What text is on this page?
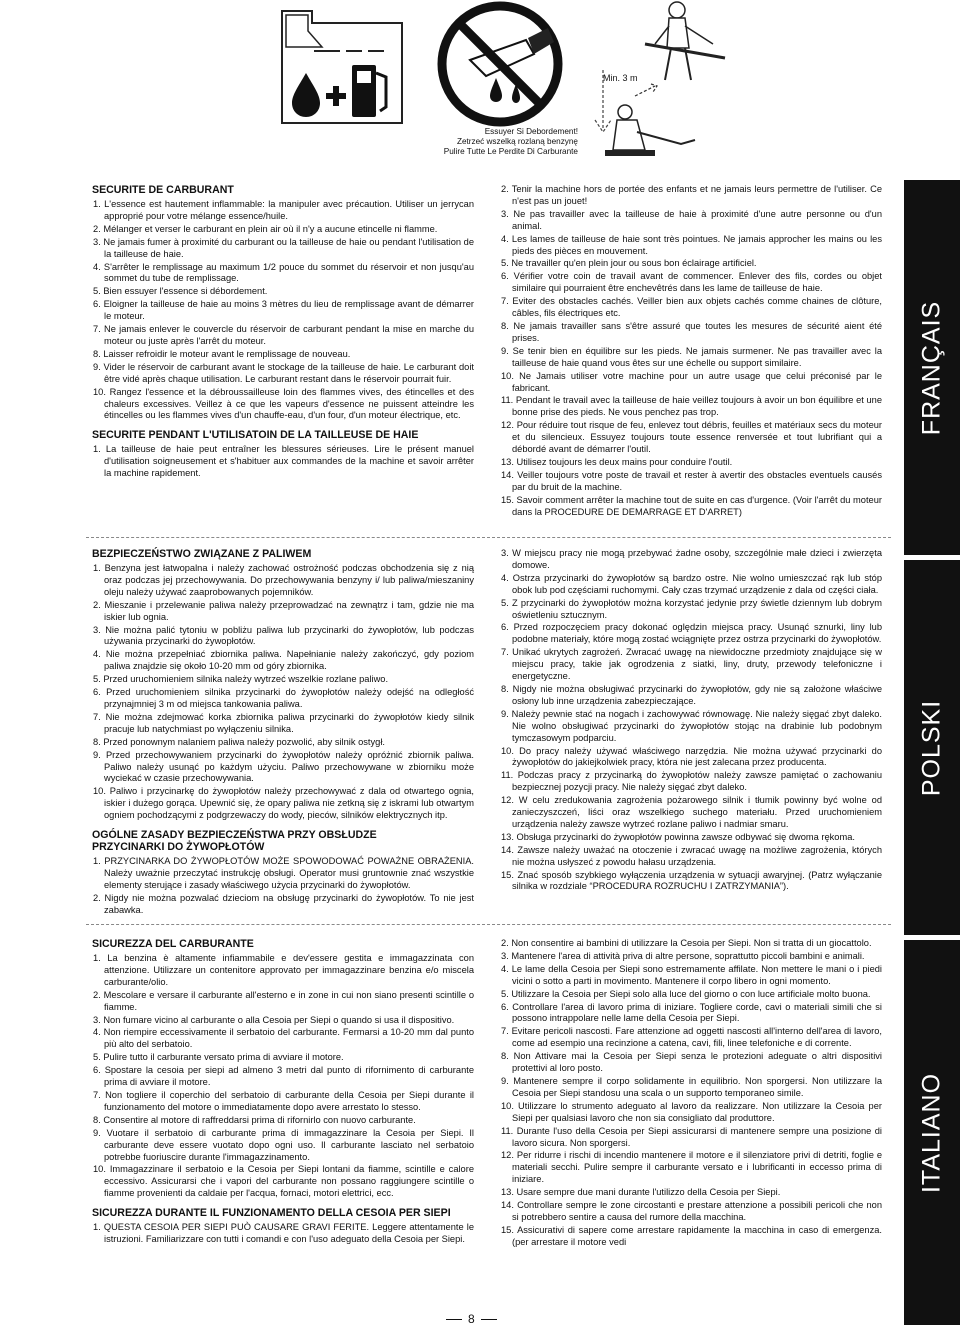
Min. 3 m
Essuyer Si Debordement!
Zetrzeć wszelką rozlaną benzynę
Pulire Tutte Le Perdite Di Carburante
FRANÇAIS
POLSKI
ITALIANO
SECURITE DE CARBURANT
1. L'essence est hautement inflammable: la manipuler avec précaution. Utiliser un jerrycan approprié pour votre mélange essence/huile.
2. Mélanger et verser le carburant en plein air où il n'y a aucune etincelle ni flamme.
3. Ne jamais fumer à proximité du carburant ou la tailleuse de haie ou pendant l'utilisation de la tailleuse de haie.
4. S'arrêter le remplissage au maximum 1/2 pouce du sommet du réservoir et non jusqu'au sommet du tube de remplissage.
5. Bien essuyer l'essence si débordement.
6. Eloigner la tailleuse de haie au moins 3 mètres du lieu de remplissage avant de démarrer le moteur.
7. Ne jamais enlever le couvercle du réservoir de carburant pendant la mise en marche du moteur ou juste après l'arrêt du moteur.
8. Laisser refroidir le moteur avant le remplissage de nouveau.
9. Vider le réservoir de carburant avant le stockage de la tailleuse de haie. Le carburant doit être vidé après chaque utilisation. Le carburant restant dans le réservoir pourrait fuir.
10. Rangez l'essence et la débroussailleuse loin des flammes vives, des étincelles et des chaleurs excessives. Veillez à ce que les vapeurs d'essence ne puissent atteindre les étincelles ou les flammes vives d'un chauffe-eau, d'un four, d'un moteur électrique, etc.
SECURITE PENDANT L'UTILISATOIN DE LA TAILLEUSE DE HAIE
1. La tailleuse de haie peut entraîner les blessures sérieuses. Lire le présent manuel d'utilisation soigneusement et s'habituer aux commandes de la machine et savoir arrêter la machine rapidement.
2. Tenir la machine hors de portée des enfants et ne jamais leurs permettre de l'utiliser. Ce n'est pas un jouet!
3. Ne pas travailler avec la tailleuse de haie à proximité d'une autre personne ou d'un animal.
4. Les lames de tailleuse de haie sont très pointues. Ne jamais approcher les mains ou les pieds des pièces en mouvement.
5. Ne travailler qu'en plein jour ou sous bon éclairage artificiel.
6. Vérifier votre coin de travail avant de commencer. Enlever des fils, cordes ou objet similaire qui pourraient être enchevêtrés dans les lame de tailleuse de haie.
7. Eviter des obstacles cachés. Veiller bien aux objets cachés comme chaines de clôture, câbles, fils électriques etc.
8. Ne jamais travailler sans s'être assuré que toutes les mesures de sécurité aient été prises.
9. Se tenir bien en équilibre sur les pieds. Ne jamais surmener. Ne pas travailler avec la tailleuse de haie quand vous êtes sur une échelle ou support similaire.
10. Ne Jamais utiliser votre machine pour un autre usage que celui préconisé par le fabricant.
11. Pendant le travail avec la tailleuse de haie veillez toujours à avoir un bon équilibre et une bonne prise des pieds. Ne vous penchez pas trop.
12. Pour réduire tout risque de feu, enlevez tout débris, feuilles et matériaux secs du moteur et du silencieux. Essuyez toujours toute essence renversée et tout lubrifiant qui a débordé avant de démarrer l'outil.
13. Utilisez toujours les deux mains pour conduire l'outil.
14. Veiller toujours votre poste de travail et rester à avertir des obstacles eventuels causés par du bruit de la machine.
15. Savoir comment arrêter la machine tout de suite en cas d'urgence. (Voir l'arrêt du moteur dans la PROCEDURE DE DEMARRAGE ET D'ARRET)
BEZPIECZEŃSTWO ZWIĄZANE Z PALIWEM
1. Benzyna jest łatwopalna i należy zachować ostrożność podczas obchodzenia się z nią oraz podczas jej przechowywania. Do przechowywania benzyny i/ lub paliwa/mieszaniny oleju należy używać zaaprobowanych pojemników.
2. Mieszanie i przelewanie paliwa należy przeprowadzać na zewnątrz i tam, gdzie nie ma iskier lub ognia.
3. Nie można palić tytoniu w pobliżu paliwa lub przycinarki do żywopłotów, lub podczas używania przycinarki do żywopłotów.
4. Nie można przepełniać zbiornika paliwa. Napełnianie należy zakończyć, gdy poziom paliwa znajdzie się około 10-20 mm od góry zbiornika.
5. Przed uruchomieniem silnika należy wytrzeć wszelkie rozlane paliwo.
6. Przed uruchomieniem silnika przycinarki do żywopłotów należy odejść na odległość przynajmniej 3 m od miejsca tankowania paliwa.
7. Nie można zdejmować korka zbiornika paliwa przycinarki do żywopłotów kiedy silnik pracuje lub natychmiast po wyłączeniu silnika.
8. Przed ponownym nalaniem paliwa należy pozwolić, aby silnik ostygł.
9. Przed przechowywaniem przycinarki do żywopłotów należy opróżnić zbiornik paliwa. Paliwo należy usunąć po każdym użyciu. Paliwo przechowywane w zbiorniku może wyciekać w czasie przechowywania.
10. Paliwo i przycinarkę do żywopłotów należy przechowywać z dala od otwartego ognia, iskier i dużego gorąca. Upewnić się, że opary paliwa nie zetkną się z iskrami lub otwartym ogniem pochodzącymi z podgrzewaczy do wody, pieców, silników elektrycznych itp.
OGÓLNE ZASADY BEZPIECZEŃSTWA PRZY OBSŁUDZE
PRZYCINARKI DO ŻYWOPŁOTÓW
1. PRZYCINARKA DO ŻYWOPŁOTÓW MOŻE SPOWODOWAĆ POWAŻNE OBRAŻENIA. Należy uważnie przeczytać instrukcję obsługi. Operator musi gruntownie znać wszystkie elementy sterujące i zasady właściwego użycia przycinarki do żywopłotów.
2. Nigdy nie można pozwalać dzieciom na obsługę przycinarki do żywopłotów. To nie jest zabawka.
3. W miejscu pracy nie mogą przebywać żadne osoby, szczególnie małe dzieci i zwierzęta domowe.
4. Ostrza przycinarki do żywopłotów są bardzo ostre. Nie wolno umieszczać rąk lub stóp obok lub pod częściami ruchomymi. Cały czas trzymać urządzenie z dala od części ciała.
5. Z przycinarki do żywopłotów można korzystać jedynie przy świetle dziennym lub dobrym oświetleniu sztucznym.
6. Przed rozpoczęciem pracy dokonać oględzin miejsca pracy. Usunąć sznurki, liny lub podobne materiały, które mogą zostać wciągnięte przez ostrza przycinarki do żywopłotów.
7. Unikać ukrytych zagrożeń. Zwracać uwagę na niewidoczne przedmioty znajdujące się w miejscu pracy, takie jak ogrodzenia z siatki, liny, druty, przewody telefoniczne i energetyczne.
8. Nigdy nie można obsługiwać przycinarki do żywopłotów, gdy nie są założone właściwe osłony lub inne urządzenia zabezpieczające.
9. Należy pewnie stać na nogach i zachowywać równowagę. Nie należy sięgać zbyt daleko. Nie wolno obsługiwać przycinarki do żywopłotów stojąc na drabinie lub podobnym tymczasowym podparciu.
10. Do pracy należy używać właściwego narzędzia. Nie można używać przycinarki do żywopłotów do jakiejkolwiek pracy, która nie jest zalecana przez producenta.
11. Podczas pracy z przycinarką do żywopłotów należy zawsze pamiętać o zachowaniu bezpiecznej pozycji pracy. Nie należy sięgać zbyt daleko.
12. W celu zredukowania zagrożenia pożarowego silnik i tłumik powinny być wolne od zanieczyszczeń, liści oraz wszelkiego suchego materiału. Przed uruchomieniem urządzenia należy zawsze wytrzeć rozlane paliwo i nadmiar smaru.
13. Obsługa przycinarki do żywopłotów powinna zawsze odbywać się dwoma rękoma.
14. Zawsze należy uważać na otoczenie i zwracać uwagę na możliwe zagrożenia, których nie można usłyszeć z powodu hałasu urządzenia.
15. Znać sposób szybkiego wyłączenia urządzenia w sytuacji awaryjnej. (Patrz wyłączanie silnika w rozdziale “PROCEDURA ROZRUCHU I ZATRZYMANIA”).
SICUREZZA DEL CARBURANTE
1. La benzina è altamente infiammabile e dev'essere gestita e immagazzinata con attenzione. Utilizzare un contenitore approvato per immagazzinare benzina e/o miscela carburante/olio.
2. Mescolare e versare il carburante all'esterno e in zone in cui non siano presenti scintille o fiamme.
3. Non fumare vicino al carburante o alla Cesoia per Siepi o quando si usa il dispositivo.
4. Non riempire eccessivamente il serbatoio del carburante. Fermarsi a 10-20 mm dal punto più alto del serbatoio.
5. Pulire tutto il carburante versato prima di avviare il motore.
6. Spostare la cesoia per siepi ad almeno 3 metri dal punto di rifornimento di carburante prima di avviare il motore.
7. Non togliere il coperchio del serbatoio di carburante della Cesoia per Siepi durante il funzionamento del motore o immediatamente dopo avere arrestato lo stesso.
8. Consentire al motore di raffreddarsi prima di rifornirlo con nuovo carburante.
9. Vuotare il serbatoio di carburante prima di immagazzinare la Cesoia per Siepi. Il carburante deve essere vuotato dopo ogni uso. Il carburante lasciato nel serbatoio potrebbe fuoriuscire durante l'immagazzinamento.
10. Immagazzinare il serbatoio e la Cesoia per Siepi lontani da fiamme, scintille e calore eccessivo. Assicurarsi che i vapori del carburante non possano raggiungere scintille o fiamme provenienti da caldaie per l'acqua, fornaci, motori elettrici, ecc.
SICUREZZA DURANTE IL FUNZIONAMENTO DELLA CESOIA PER SIEPI
1. QUESTA CESOIA PER SIEPI PUÒ CAUSARE GRAVI FERITE. Leggere attentamente le istruzioni. Familiarizzare con tutti i comandi e con l'uso adeguato della Cesoia per Siepi.
2. Non consentire ai bambini di utilizzare la Cesoia per Siepi. Non si tratta di un giocattolo.
3. Mantenere l'area di attività priva di altre persone, soprattutto piccoli bambini e animali.
4. Le lame della Cesoia per Siepi sono estremamente affilate. Non mettere le mani o i piedi vicini o sotto a parti in movimento. Mantenere il corpo libero in ogni momento.
5. Utilizzare la Cesoia per Siepi solo alla luce del giorno o con luce artificiale molto buona.
6. Controllare l'area di lavoro prima di iniziare. Togliere corde, cavi o materiali simili che si possono intrappolare nelle lame della Cesoia per Siepi.
7. Evitare pericoli nascosti. Fare attenzione ad oggetti nascosti all'interno dell'area di lavoro, come ad esempio una recinzione a catena, cavi, fili, linee telefoniche e di corrente.
8. Non Attivare mai la Cesoia per Siepi senza le protezioni adeguate o altri dispositivi protettivi al loro posto.
9. Mantenere sempre il corpo solidamente in equilibrio. Non sporgersi. Non utilizzare la Cesoia per Siepi standosu una scala o un supporto temporaneo simile.
10. Utilizzare lo strumento adeguato al lavoro da realizzare. Non utilizzare la Cesoia per Siepi per qualsiasi lavoro che non sia consigliato dal produttore.
11. Durante l'uso della Cesoia per Siepi assicurarsi di mantenere sempre una posizione di lavoro sicura. Non sporgersi.
12. Per ridurre i rischi di incendio mantenere il motore e il silenziatore privi di detriti, foglie e materiali secchi. Pulire sempre il carburante versato e i lubrificanti in eccesso prima di iniziare.
13. Usare sempre due mani durante l'utilizzo della Cesoia per Siepi.
14. Controllare sempre le zone circostanti e prestare attenzione a possibili pericoli che non si potrebbero sentire a causa del rumore della macchina.
15. Assicurativi di sapere come arrestare rapidamente la macchina in caso di emergenza. (per arrestare il motore vedi
8
